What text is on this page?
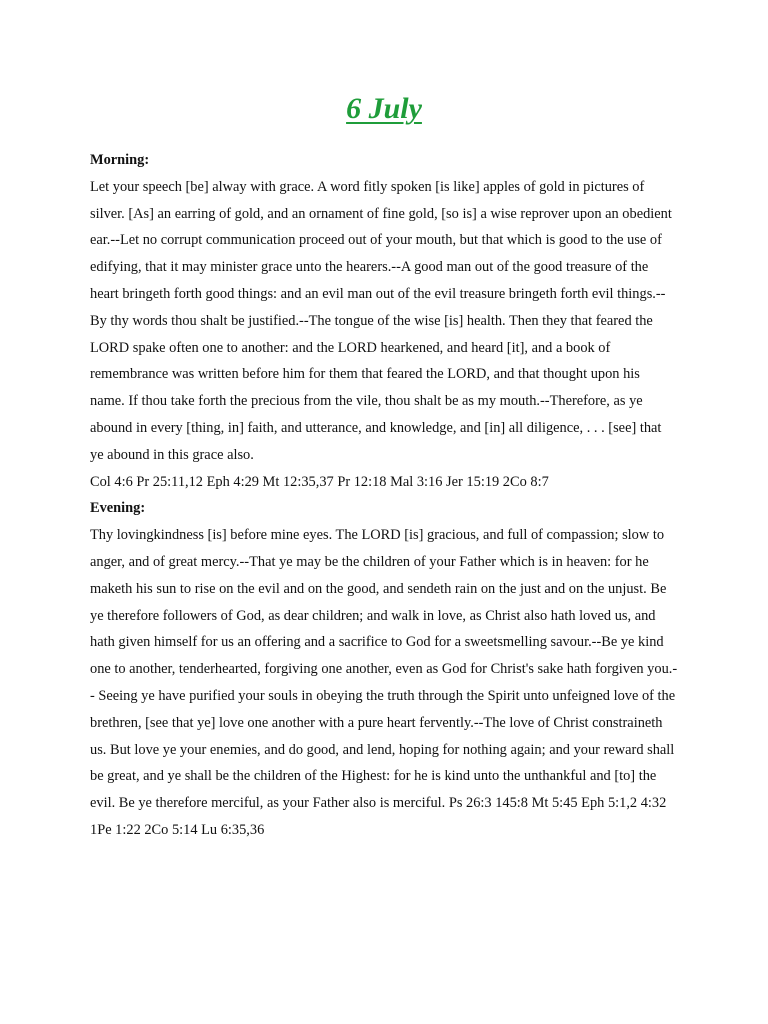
6 July

Morning:

Let your speech [be] alway with grace. A word fitly spoken [is like] apples of gold in pictures of silver. [As] an earring of gold, and an ornament of fine gold, [so is] a wise reprover upon an obedient ear.--Let no corrupt communication proceed out of your mouth, but that which is good to the use of edifying, that it may minister grace unto the hearers.--A good man out of the good treasure of the heart bringeth forth good things: and an evil man out of the evil treasure bringeth forth evil things.--By thy words thou shalt be justified.--The tongue of the wise [is] health. Then they that feared the LORD spake often one to another: and the LORD hearkened, and heard [it], and a book of remembrance was written before him for them that feared the LORD, and that thought upon his name. If thou take forth the precious from the vile, thou shalt be as my mouth.--Therefore, as ye abound in every [thing, in] faith, and utterance, and knowledge, and [in] all diligence, . . . [see] that ye abound in this grace also.

Col 4:6 Pr 25:11,12 Eph 4:29 Mt 12:35,37 Pr 12:18 Mal 3:16 Jer 15:19 2Co 8:7

Evening:

Thy lovingkindness [is] before mine eyes. The LORD [is] gracious, and full of compassion; slow to anger, and of great mercy.--That ye may be the children of your Father which is in heaven: for he maketh his sun to rise on the evil and on the good, and sendeth rain on the just and on the unjust. Be ye therefore followers of God, as dear children; and walk in love, as Christ also hath loved us, and hath given himself for us an offering and a sacrifice to God for a sweetsmelling savour.--Be ye kind one to another, tenderhearted, forgiving one another, even as God for Christ's sake hath forgiven you.-- Seeing ye have purified your souls in obeying the truth through the Spirit unto unfeigned love of the brethren, [see that ye] love one another with a pure heart fervently.--The love of Christ constraineth us. But love ye your enemies, and do good, and lend, hoping for nothing again; and your reward shall be great, and ye shall be the children of the Highest: for he is kind unto the unthankful and [to] the evil. Be ye therefore merciful, as your Father also is merciful. Ps 26:3 145:8 Mt 5:45 Eph 5:1,2 4:32 1Pe 1:22 2Co 5:14 Lu 6:35,36
